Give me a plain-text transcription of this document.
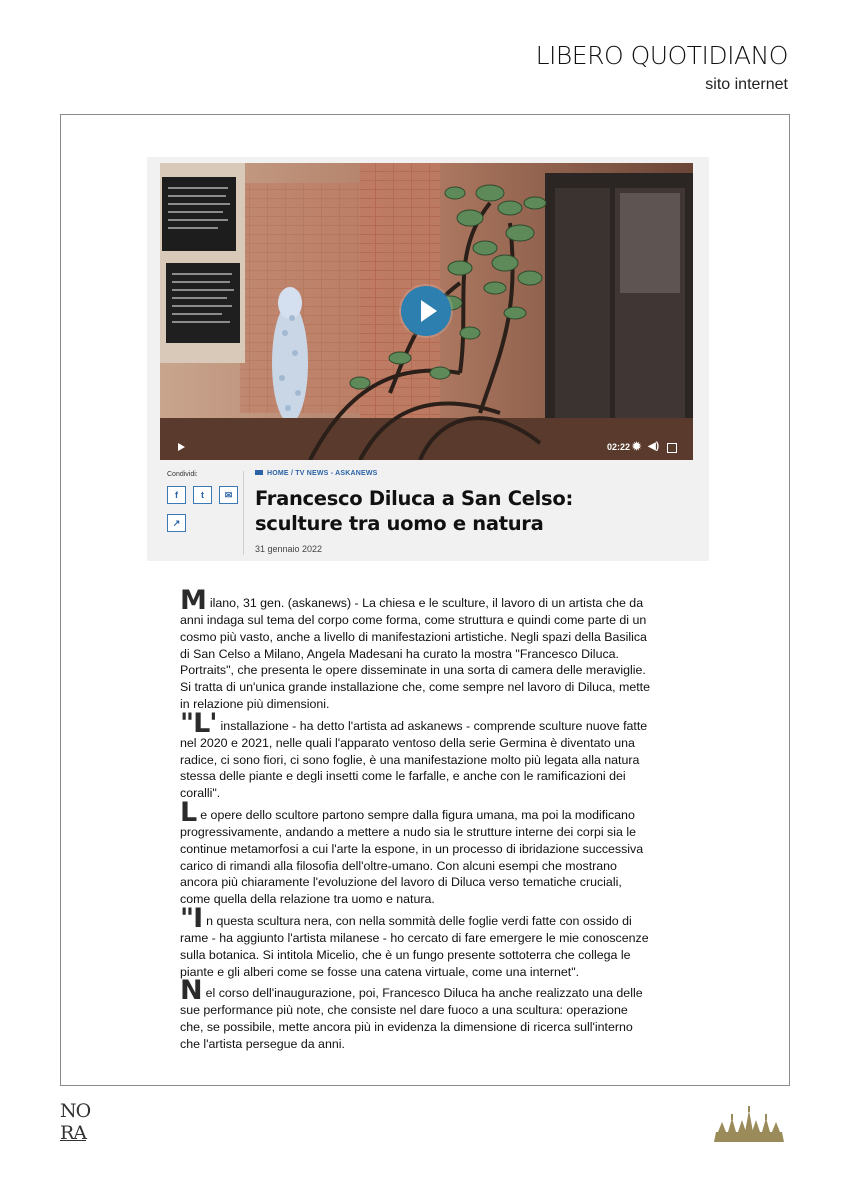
LIBERO QUOTIDIANO
sito internet
02:22 ✹ ◀)
Condividi:
f	t	✉
↗
HOME / TV NEWS - ASKANEWS
Francesco Diluca a San Celso:
sculture tra uomo e natura
31 gennaio 2022

Milano, 31 gen. (askanews) - La chiesa e le sculture, il lavoro di un artista che da anni indaga sul tema del corpo come forma, come struttura e quindi come parte di un cosmo più vasto, anche a livello di manifestazioni artistiche. Negli spazi della Basilica di San Celso a Milano, Angela Madesani ha curato la mostra "Francesco Diluca. Portraits", che presenta le opere disseminate in una sorta di camera delle meraviglie. Si tratta di un'unica grande installazione che, come sempre nel lavoro di Diluca, mette in relazione più dimensioni.

"L' installazione - ha detto l'artista ad askanews - comprende sculture nuove fatte nel 2020 e 2021, nelle quali l'apparato ventoso della serie Germina è diventato una radice, ci sono fiori, ci sono foglie, è una manifestazione molto più legata alla natura stessa delle piante e degli insetti come le farfalle, e anche con le ramificazioni dei coralli".

Le opere dello scultore partono sempre dalla figura umana, ma poi la modificano progressivamente, andando a mettere a nudo sia le strutture interne dei corpi sia le continue metamorfosi a cui l'arte la espone, in un processo di ibridazione successiva carico di rimandi alla filosofia dell'oltre-umano. Con alcuni esempi che mostrano ancora più chiaramente l'evoluzione del lavoro di Diluca verso tematiche cruciali, come quella della relazione tra uomo e natura.

"In questa scultura nera, con nella sommità delle foglie verdi fatte con ossido di rame - ha aggiunto l'artista milanese - ho cercato di fare emergere le mie conoscenze sulla botanica. Si intitola Micelio, che è un fungo presente sottoterra che collega le piante e gli alberi come se fosse una catena virtuale, come una internet".

Nel corso dell'inaugurazione, poi, Francesco Diluca ha anche realizzato una delle sue performance più note, che consiste nel dare fuoco a una scultura: operazione che, se possibile, mette ancora più in evidenza la dimensione di ricerca sull'interno che l'artista persegue da anni.

NO
RA
